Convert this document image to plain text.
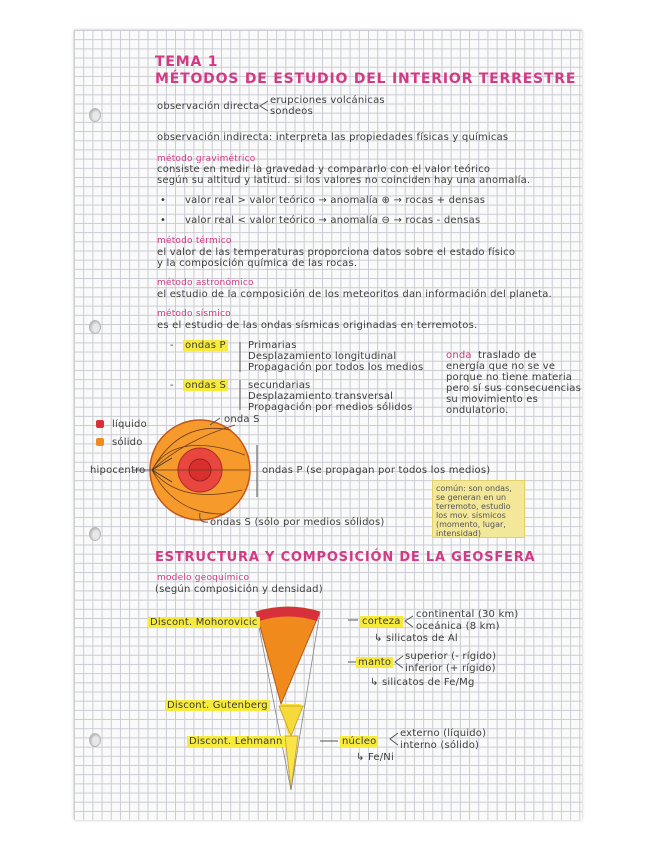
TEMA 1
MÉTODOS DE ESTUDIO DEL INTERIOR TERRESTRE
observación directa
erupciones volcánicas
sondeos
observación indirecta: interpreta las propiedades físicas y químicas
método gravimétrico
consiste en medir la gravedad y compararlo con el valor teórico
según su altitud y latitud. si los valores no coinciden hay una anomalía.
• valor real > valor teórico → anomalía ⊕ → rocas + densas
• valor real < valor teórico → anomalía ⊖ → rocas - densas
método térmico
el valor de las temperaturas proporciona datos sobre el estado físico
y la composición química de las rocas.
método astronómico
el estudio de la composición de los meteoritos dan información del planeta.
método sísmico
es el estudio de las ondas sísmicas originadas en terremotos.
- ondas P Primarias
Desplazamiento longitudinal
Propagación por todos los medios
- ondas S secundarias
Desplazamiento transversal
Propagación por medios sólidos
onda traslado de
energía que no se ve
porque no tiene materia
pero sí sus consecuencias
su movimiento es
ondulatorio.
líquido
sólido
onda S
hipocentro	ondas P (se propagan por todos los medios)
ondas S (sólo por medios sólidos)
común: son ondas, se generan en un terremoto, estudio los mov. sísmicos (momento, lugar, intensidad)
ESTRUCTURA Y COMPOSICIÓN DE LA GEOSFERA
modelo geoquímico
(según composición y densidad)
Discont. Mohorovicic
Discont. Gutenberg
Discont. Lehmann
corteza
continental (30 km)
oceánica (8 km)
↳ silicatos de Al
manto
superior (- rígido)
inferior (+ rígido)
↳ silicatos de Fe/Mg
núcleo
externo (líquido)
interno (sólido)
↳ Fe/Ni
